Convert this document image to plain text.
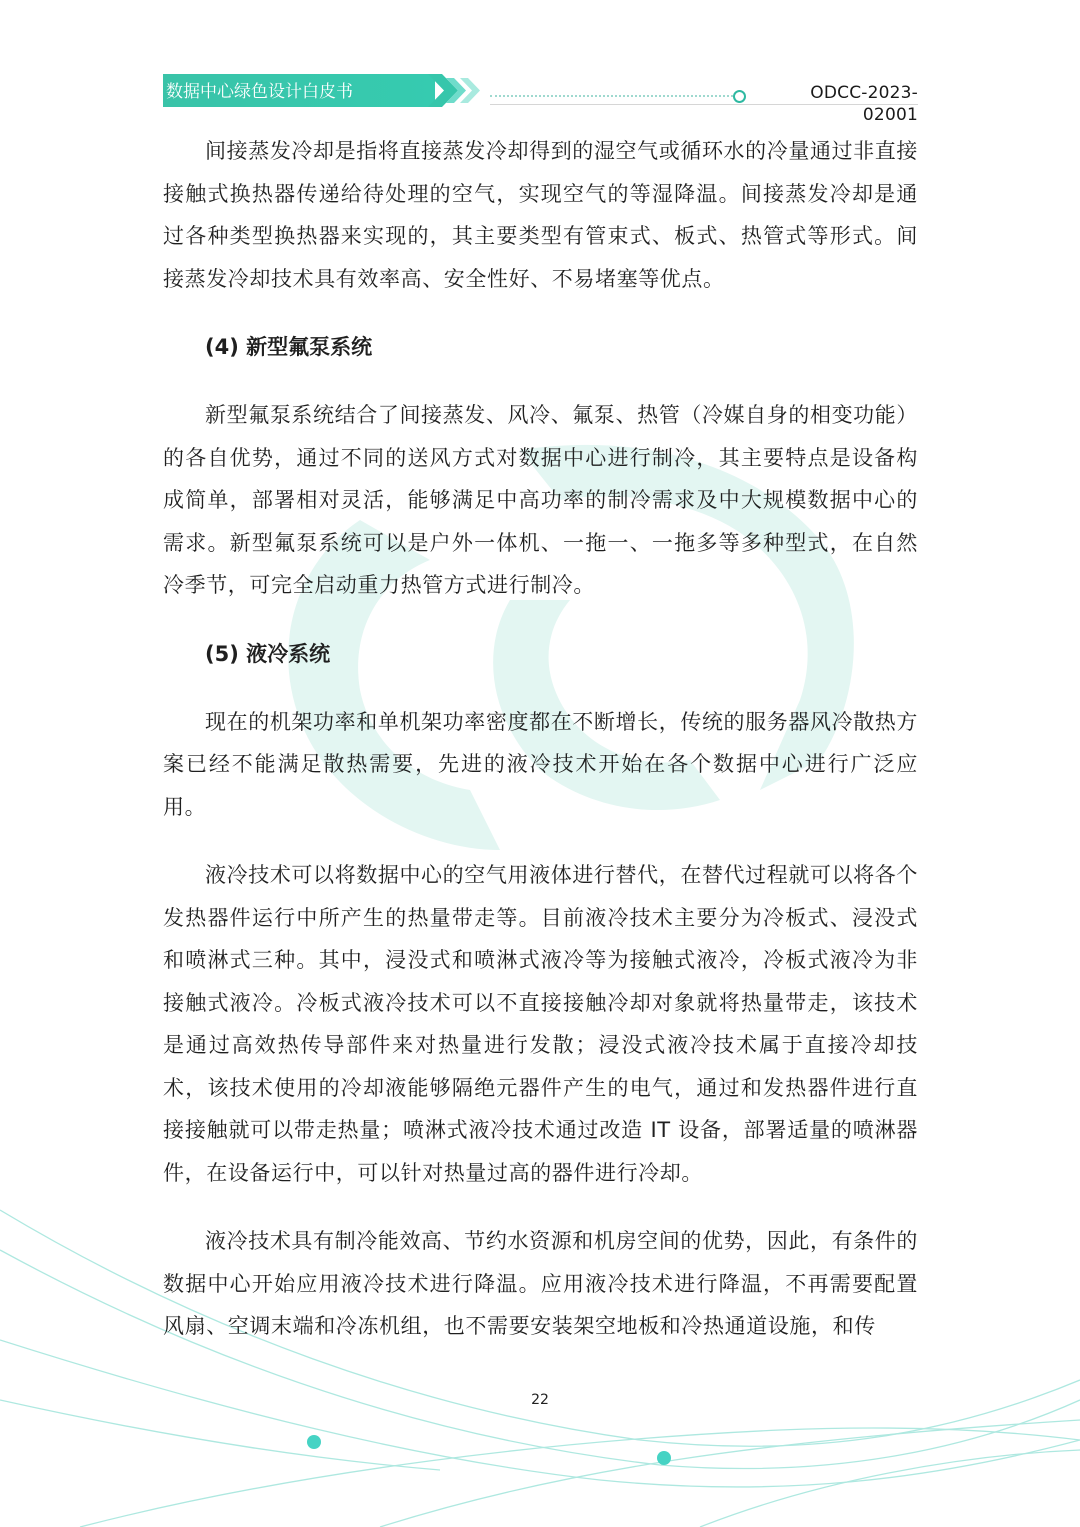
数据中心绿色设计白皮书	ODCC-2023-02001

间接蒸发冷却是指将直接蒸发冷却得到的湿空气或循环水的冷量通过非直接接触式换热器传递给待处理的空气，实现空气的等湿降温。间接蒸发冷却是通过各种类型换热器来实现的，其主要类型有管束式、板式、热管式等形式。间接蒸发冷却技术具有效率高、安全性好、不易堵塞等优点。

(4) 新型氟泵系统

新型氟泵系统结合了间接蒸发、风冷、氟泵、热管（冷媒自身的相变功能）的各自优势，通过不同的送风方式对数据中心进行制冷，其主要特点是设备构成简单，部署相对灵活，能够满足中高功率的制冷需求及中大规模数据中心的需求。新型氟泵系统可以是户外一体机、一拖一、一拖多等多种型式，在自然冷季节，可完全启动重力热管方式进行制冷。

(5) 液冷系统

现在的机架功率和单机架功率密度都在不断增长，传统的服务器风冷散热方案已经不能满足散热需要，先进的液冷技术开始在各个数据中心进行广泛应用。

液冷技术可以将数据中心的空气用液体进行替代，在替代过程就可以将各个发热器件运行中所产生的热量带走等。目前液冷技术主要分为冷板式、浸没式和喷淋式三种。其中，浸没式和喷淋式液冷等为接触式液冷，冷板式液冷为非接触式液冷。冷板式液冷技术可以不直接接触冷却对象就将热量带走，该技术是通过高效热传导部件来对热量进行发散；浸没式液冷技术属于直接冷却技术，该技术使用的冷却液能够隔绝元器件产生的电气，通过和发热器件进行直接接触就可以带走热量；喷淋式液冷技术通过改造 IT 设备，部署适量的喷淋器件，在设备运行中，可以针对热量过高的器件进行冷却。

液冷技术具有制冷能效高、节约水资源和机房空间的优势，因此，有条件的数据中心开始应用液冷技术进行降温。应用液冷技术进行降温，不再需要配置风扇、空调末端和冷冻机组，也不需要安装架空地板和冷热通道设施，和传

22
